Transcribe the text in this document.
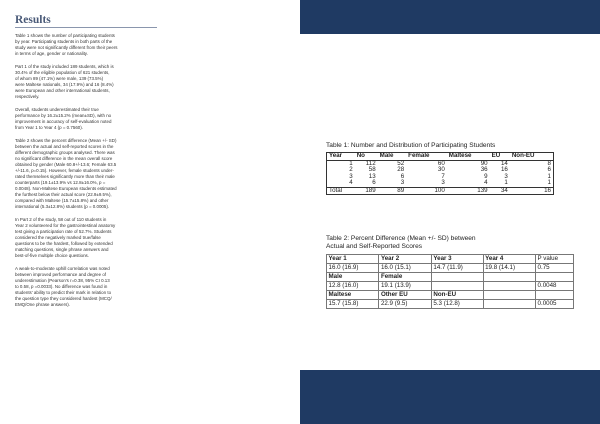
Results

Table 1 shows the number of participating students
by year. Participating students in both parts of the
study were not significantly different from their peers
in terms of age, gender or nationality.

Part 1 of the study included 189 students, which is
30.4% of the eligible population of 621 students,
of whom 89 (47.1%) were male, 139 (73.5%)
were Maltese nationals, 34 (17.9%) and 16 (8.4%)
were European and other international students,
respectively.

Overall, students underestimated their true
performance by 16.2±15.2% (mean±SD), with no
improvement in accuracy of self-evaluation noted
from Year 1 to Year 4 (p = 0.7560).

Table 2 shows the percent difference (Mean +/- SD)
between the actual and self-reported scores in the
different demographic groups analysed. There was
no significant difference in the mean overall score
obtained by gender (Male 60.8+/-13.6; Female 63.5
+/-11.6, p=0.15). However, female students under-
rated themselves significantly more than their male
counterparts (19.1±13.9% vs 12.8±16.0%, p =
0.0048). Non-Maltese European students estimated
the furthest below their actual score (22.9±9.5%),
compared with Maltese (15.7±15.8%) and other
international (5.3±12.8%) students (p = 0.0005).

In Part 2 of the study, 58 out of 110 students in
Year 2 volunteered for the gastrointestinal anatomy
test giving a participation rate of 52.7%. Students
considered the negatively marked true/false
questions to be the hardest, followed by extended
matching questions, single phrase answers and
best-of-five multiple choice questions.

A weak-to-moderate uphill correlation was noted
between improved performance and degree of
underestimation (Pearson's r=0.38, 95% CI 0.13
to 0.58, p =0.0033). No difference was found in
students' ability to predict their mark in relation to
the question type they considered hardest (MCQ/
EMQ/One phrase answers).

Table 1: Number and Distribution of Participating Students

Year	No	Male	Female	Maltese	EU	Non-EU
1	112	52	60	90	14	8
2	58	28	30	36	16	6
3	13	6	7	9	3	1
4	6	3	3	4	1	1
Total	189	89	100	139	34	16

Table 2: Percent Difference (Mean +/- SD) between

Actual and Self-Reported Scores

Year 1	Year 2	Year 3	Year 4	P value
16.0 (16.9)	16.0 (15.1)	14.7 (11.9)	19.8 (14.1)	0.75
Male	Female			
12.8 (16.0)	19.1 (13.9)			0.0048
Maltese	Other EU	Non-EU		
15.7 (15.8)	22.9 (9.5)	5.3 (12.8)		0.0005
